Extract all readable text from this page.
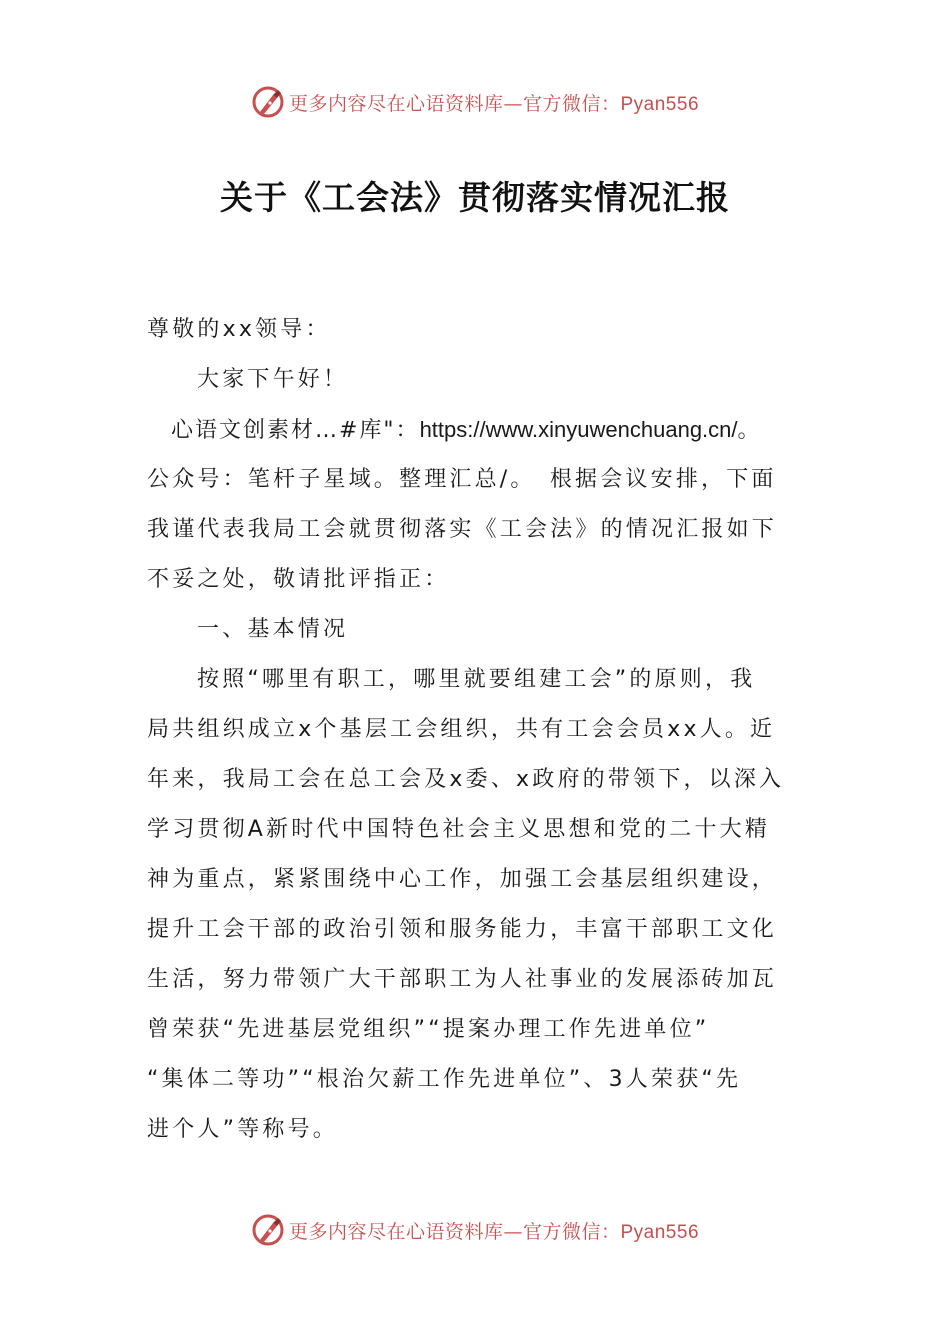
更多内容尽在心语资料库—官方微信：Pyan556
关于《工会法》贯彻落实情况汇报
尊敬的xx领导：
大家下午好！
心语文创素材…#库"：https://www.xinyuwenchuang.cn/。
公众号：笔杆子星域。整理汇总/。　根据会议安排，下面
我谨代表我局工会就贯彻落实《工会法》的情况汇报如下
不妥之处，敬请批评指正：
一、基本情况
按照“哪里有职工，哪里就要组建工会”的原则，我
局共组织成立x个基层工会组织，共有工会会员xx人。近
年来，我局工会在总工会及x委、x政府的带领下，以深入
学习贯彻A新时代中国特色社会主义思想和党的二十大精
神为重点，紧紧围绕中心工作，加强工会基层组织建设，
提升工会干部的政治引领和服务能力，丰富干部职工文化
生活，努力带领广大干部职工为人社事业的发展添砖加瓦
曾荣获“先进基层党组织”“提案办理工作先进单位”
“集体二等功”“根治欠薪工作先进单位”、3人荣获“先
进个人”等称号。
更多内容尽在心语资料库—官方微信：Pyan556
